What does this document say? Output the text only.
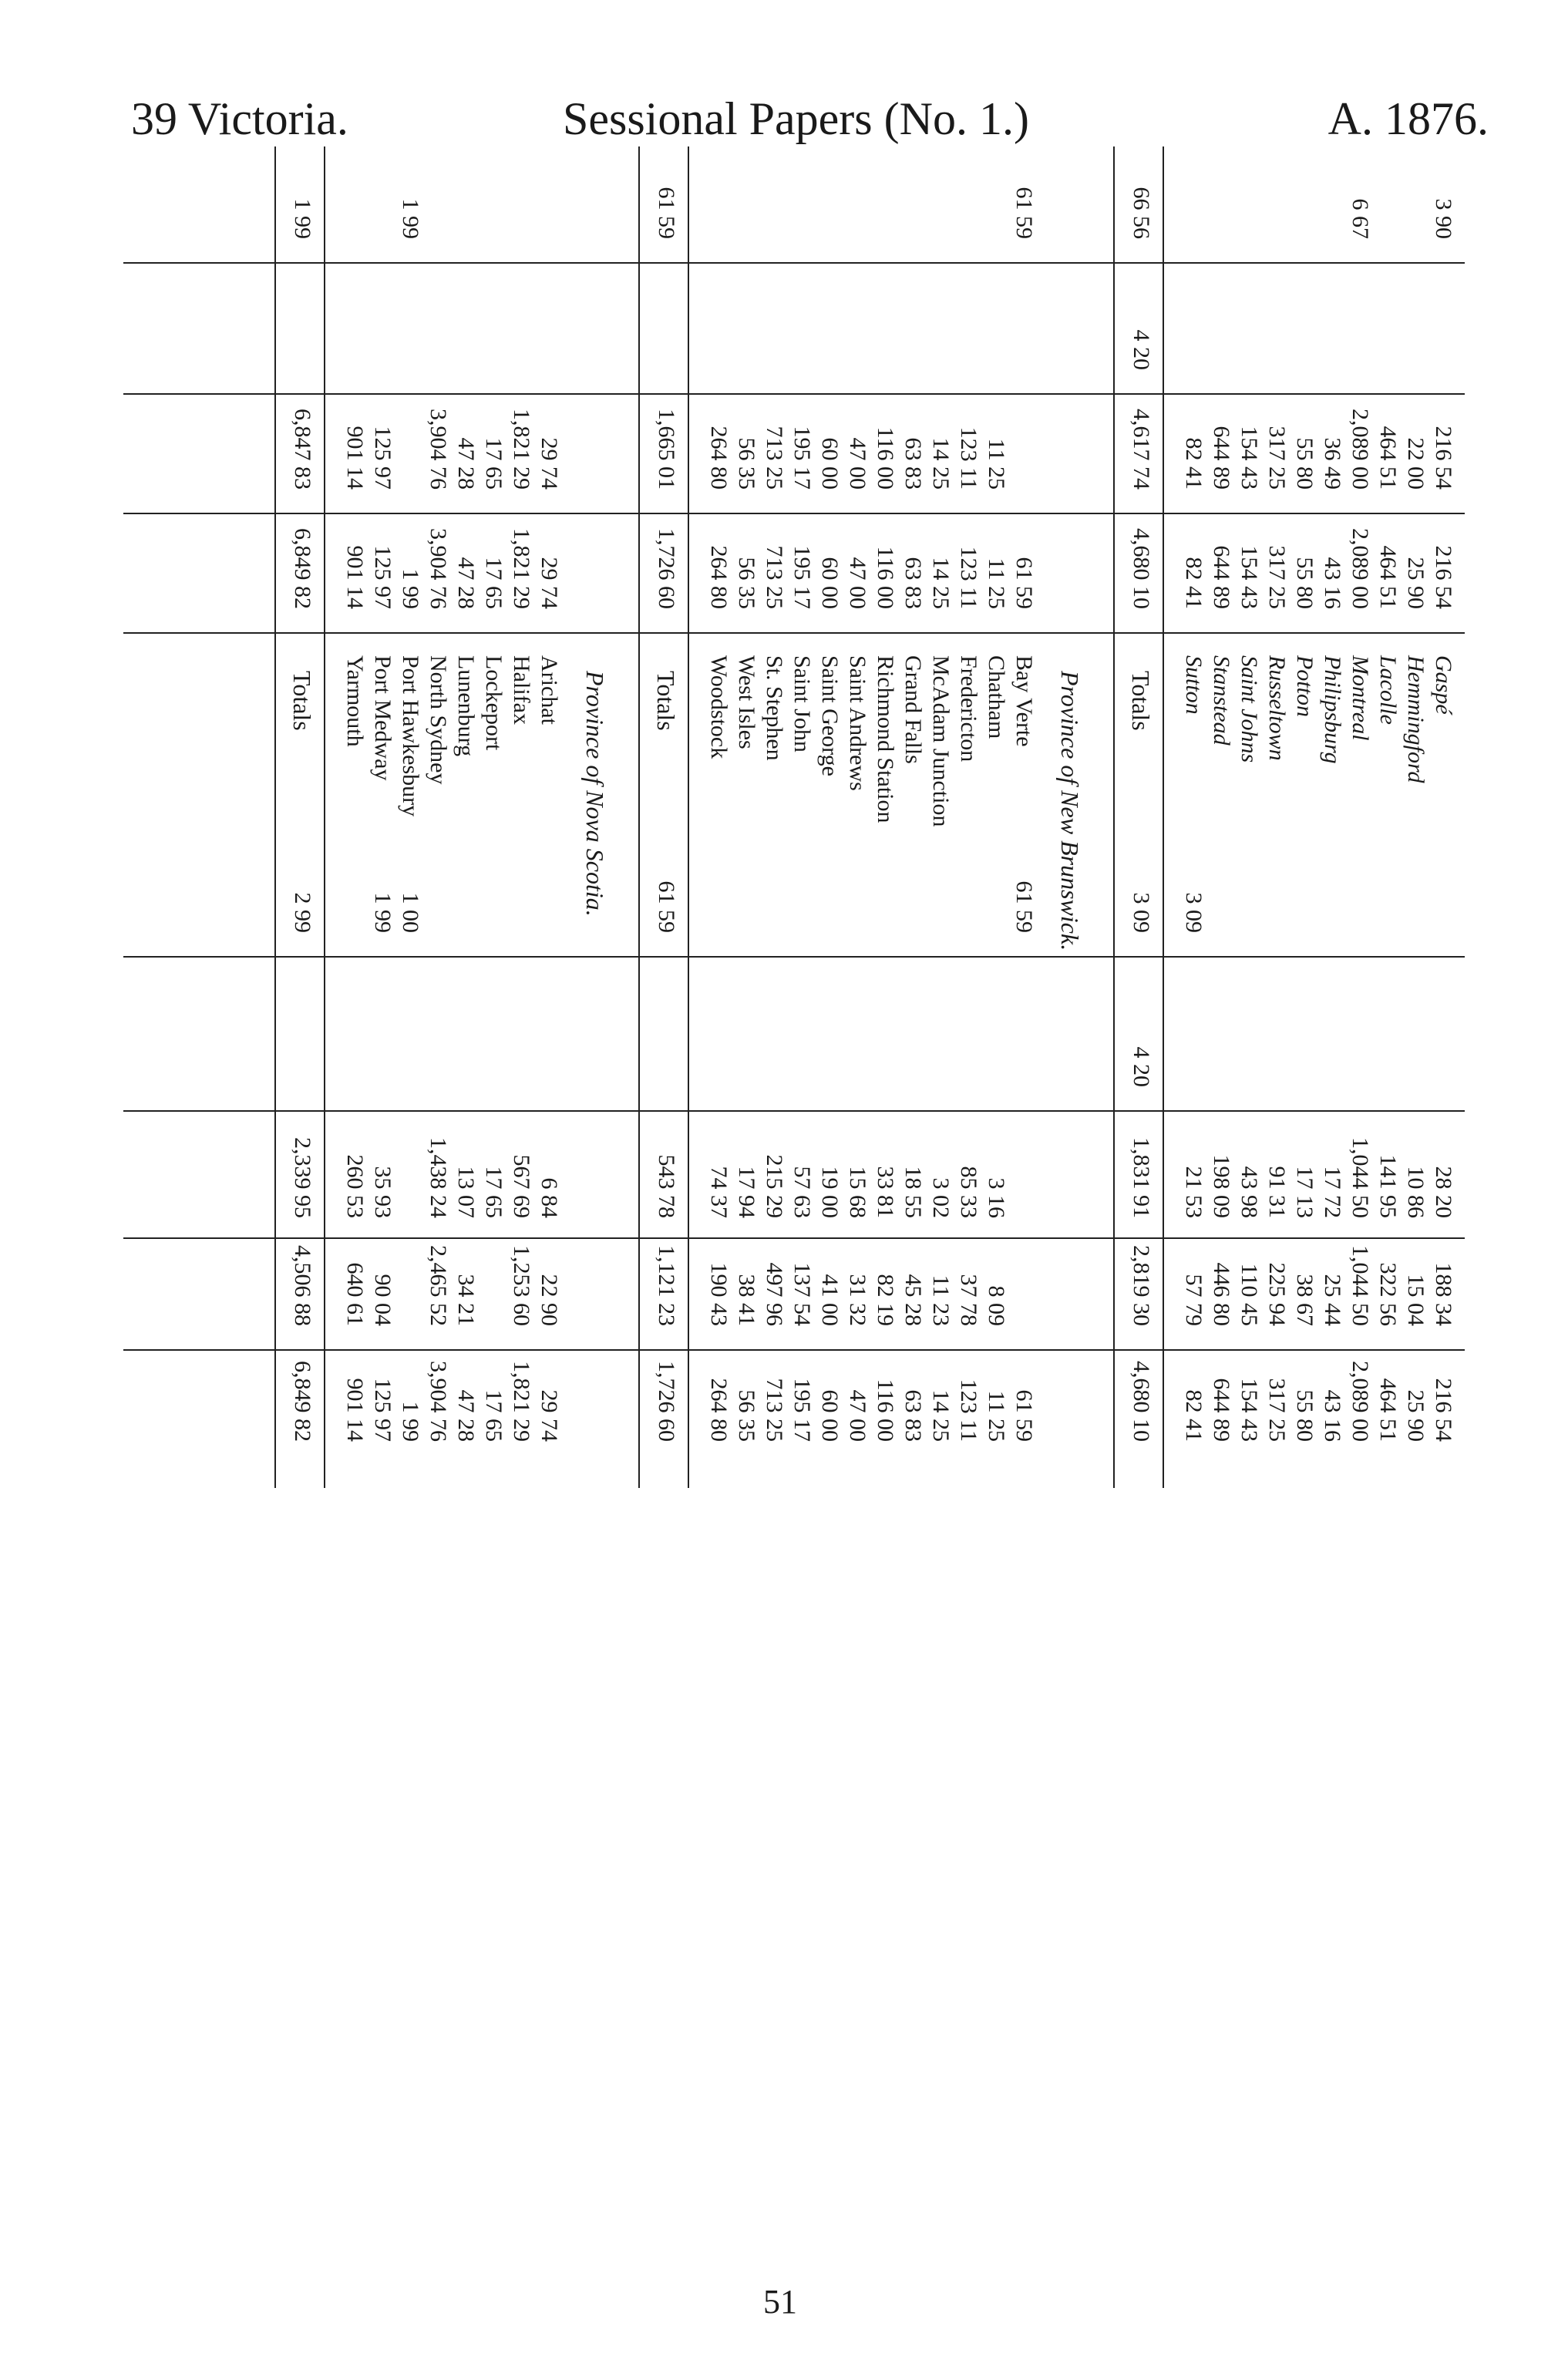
39 Victoria.	Sessional Papers (No. 1.)	A. 1876.
Gaspé
3 90
216 54
216 54
28 20
188 34
216 54
Hemmingford
22 00
25 90
10 86
15 04
25 90
Lacolle
464 51
464 51
141 95
322 56
464 51
Montreal
6 67
2,089 00
2,089 00
1,044 50
1,044 50
2,089 00
Philipsburg
36 49
43 16
17 72
25 44
43 16
Potton
55 80
55 80
17 13
38 67
55 80
Russeltown
317 25
317 25
91 31
225 94
317 25
Saint Johns
154 43
154 43
43 98
110 45
154 43
Stanstead
644 89
644 89
198 09
446 80
644 89
Sutton
82 41
82 41
3 09
21 53
57 79
82 41
Totals
66 56
4 20
4,617 74
4,680 10
3 09
4 20
1,831 91
2,819 30
4,680 10
Province of New Brunswick.
Bay Verte
61 59
61 59
61 59
61 59
Chatham
11 25
11 25
3 16
8 09
11 25
Fredericton
123 11
123 11
85 33
37 78
123 11
McAdam Junction
14 25
14 25
3 02
11 23
14 25
Grand Falls
63 83
63 83
18 55
45 28
63 83
Richmond Station
116 00
116 00
33 81
82 19
116 00
Saint Andrews
47 00
47 00
15 68
31 32
47 00
Saint George
60 00
60 00
19 00
41 00
60 00
Saint John
195 17
195 17
57 63
137 54
195 17
St. Stephen
713 25
713 25
215 29
497 96
713 25
West Isles
56 35
56 35
17 94
38 41
56 35
Woodstock
264 80
264 80
74 37
190 43
264 80
Totals
61 59
1,665 01
1,726 60
61 59
543 78
1,121 23
1,726 60
Province of Nova Scotia.
Arichat
29 74
29 74
6 84
22 90
29 74
Halifax
1,821 29
1,821 29
567 69
1,253 60
1,821 29
Lockeport
17 65
17 65
17 65
17 65
Lunenburg
47 28
47 28
13 07
34 21
47 28
North Sydney
3,904 76
3,904 76
1,438 24
2,465 52
3,904 76
Port Hawkesbury
1 99
1 99
1 00
1 99
Port Medway
125 97
125 97
1 99
35 93
90 04
125 97
Yarmouth
901 14
901 14
260 53
640 61
901 14
Totals
1 99
6,847 83
6,849 82
2 99
2,339 95
4,506 88
6,849 82
51
